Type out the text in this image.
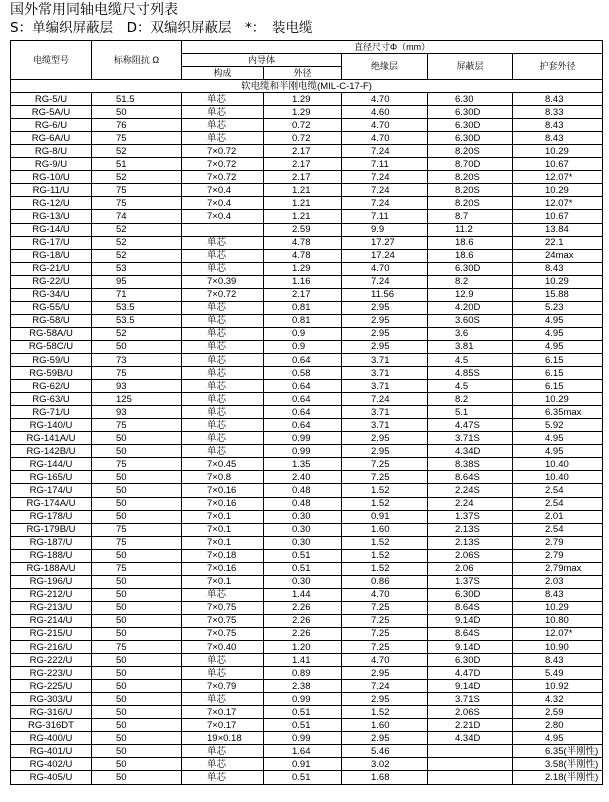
国外常用同轴电缆尺寸列表
S：单编织屏蔽层　D：双编织屏蔽层　*：　装电缆
电缆型号	标称阻抗 Ω	直径尺寸Φ（mm）				
		内导体		绝缘层	屏蔽层	护套外径
		构成	外径			
软电缆和半刚电缆(MIL-C-17-F)						
RG-5/U	51.5	单芯	1.29	4.70	6.30	8.43
RG-5A/U	50	单芯	1.29	4.60	6.30D	8.33
RG-6/U	76	单芯	0.72	4.70	6.30D	8.43
RG-6A/U	75	单芯	0.72	4.70	6.30D	8.43
RG-8/U	52	7×0.72	2.17	7.24	8.20S	10.29
RG-9/U	51	7×0.72	2.17	7.11	8.70D	10.67
RG-10/U	52	7×0.72	2.17	7.24	8.20S	12.07*
RG-11/U	75	7×0.4	1.21	7.24	8.20S	10.29
RG-12/U	75	7×0.4	1.21	7.24	8.20S	12.07*
RG-13/U	74	7×0.4	1.21	7.11	8.7	10.67
RG-14/U	52		2.59	9.9	11.2	13.84
RG-17/U	52	单芯	4.78	17.27	18.6	22.1
RG-18/U	52	单芯	4.78	17.24	18.6	24max
RG-21/U	53	单芯	1.29	4.70	6.30D	8.43
RG-22/U	95	7×0.39	1.16	7.24	8.2	10.29
RG-34/U	71	7×0.72	2.17	11.56	12.9	15.88
RG-55/U	53.5	单芯	0.81	2.95	4.20D	5.23
RG-58/U	53.5	单芯	0.81	2.95	3.60S	4.95
RG-58A/U	52	单芯	0.9	2.95	3.6	4.95
RG-58C/U	50	单芯	0.9	2.95	3.81	4.95
RG-59/U	73	单芯	0.64	3.71	4.5	6.15
RG-59B/U	75	单芯	0.58	3.71	4.85S	6.15
RG-62/U	93	单芯	0.64	3.71	4.5	6.15
RG-63/U	125	单芯	0.64	7.24	8.2	10.29
RG-71/U	93	单芯	0.64	3.71	5.1	6.35max
RG-140/U	75	单芯	0.64	3.71	4.47S	5.92
RG-141A/U	50	单芯	0.99	2.95	3.71S	4.95
RG-142B/U	50	单芯	0.99	2.95	4.34D	4.95
RG-144/U	75	7×0.45	1.35	7.25	8.38S	10.40
RG-165/U	50	7×0.8	2.40	7.25	8.64S	10.40
RG-174/U	50	7×0.16	0.48	1.52	2.24S	2.54
RG-174A/U	50	7×0.16	0.48	1.52	2.24	2.54
RG-178/U	50	7×0.1	0.30	0.91	1.37S	2.01
RG-179B/U	75	7×0.1	0.30	1.60	2.13S	2.54
RG-187/U	75	7×0.1	0.30	1.52	2.13S	2.79
RG-188/U	50	7×0.18	0.51	1.52	2.06S	2.79
RG-188A/U	75	7×0.16	0.51	1.52	2.06	2.79max
RG-196/U	50	7×0.1	0.30	0.86	1.37S	2.03
RG-212/U	50	单芯	1.44	4.70	6.30D	8.43
RG-213/U	50	7×0.75	2.26	7.25	8.64S	10.29
RG-214/U	50	7×0.75	2.26	7.25	9.14D	10.80
RG-215/U	50	7×0.75	2.26	7.25	8.64S	12.07*
RG-216/U	75	7×0.40	1.20	7.25	9.14D	10.90
RG-222/U	50	单芯	1.41	4.70	6.30D	8.43
RG-223/U	50	单芯	0.89	2.95	4.47D	5.49
RG-225/U	50	7×0.79	2.38	7.24	9.14D	10.92
RG-303/U	50	单芯	0.99	2.95	3.71S	4.32
RG-316/U	50	7×0.17	0.51	1.52	2.06S	2.59
RG-316DT	50	7×0.17	0.51	1.60	2.21D	2.80
RG-400/U	50	19×0.18	0.99	2.95	4.34D	4.95
RG-401/U	50	单芯	1.64	5.46		6.35(半刚性)
RG-402/U	50	单芯	0.91	3.02		3.58(半刚性)
RG-405/U	50	单芯	0.51	1.68		2.18(半刚性)
